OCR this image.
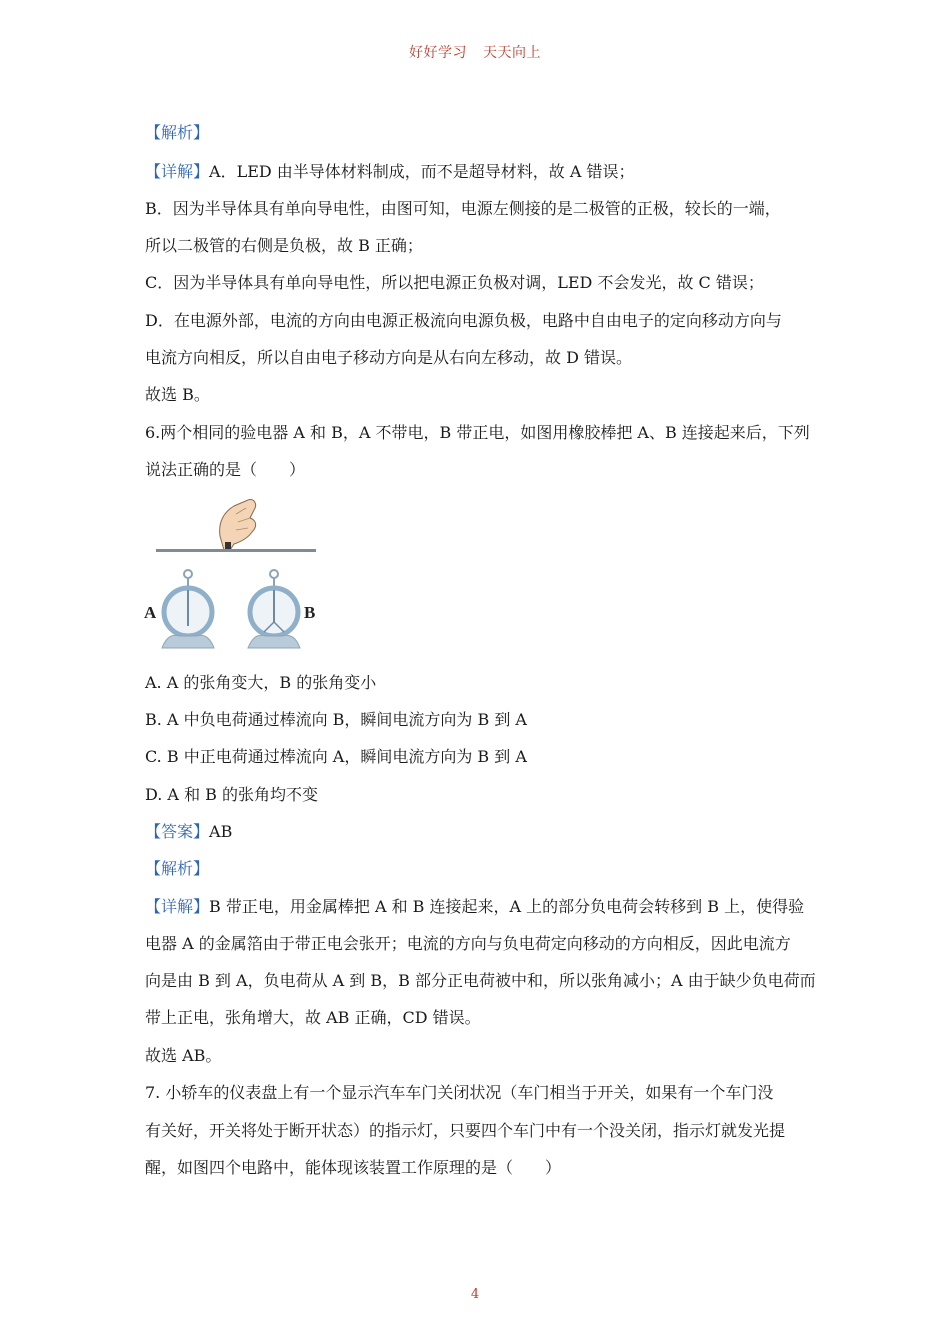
好好学习 天天向上
【解析】
【详解】A．LED 由半导体材料制成，而不是超导材料，故 A 错误；
B．因为半导体具有单向导电性，由图可知，电源左侧接的是二极管的正极，较长的一端，
所以二极管的右侧是负极，故 B 正确；
C．因为半导体具有单向导电性，所以把电源正负极对调，LED 不会发光，故 C 错误；
D．在电源外部，电流的方向由电源正极流向电源负极，电路中自由电子的定向移动方向与
电流方向相反，所以自由电子移动方向是从右向左移动，故 D 错误。
故选 B。
6.两个相同的验电器 A 和 B，A 不带电，B 带正电，如图用橡胶棒把 A、B 连接起来后，下列
说法正确的是（　　）
A	B
A. A 的张角变大，B 的张角变小
B. A 中负电荷通过棒流向 B，瞬间电流方向为 B 到 A
C. B 中正电荷通过棒流向 A，瞬间电流方向为 B 到 A
D. A 和 B 的张角均不变
【答案】AB
【解析】
【详解】B 带正电，用金属棒把 A 和 B 连接起来，A 上的部分负电荷会转移到 B 上，使得验
电器 A 的金属箔由于带正电会张开；电流的方向与负电荷定向移动的方向相反，因此电流方
向是由 B 到 A，负电荷从 A 到 B，B 部分正电荷被中和，所以张角减小；A 由于缺少负电荷而
带上正电，张角增大，故 AB 正确，CD 错误。
故选 AB。
7. 小轿车的仪表盘上有一个显示汽车车门关闭状况（车门相当于开关，如果有一个车门没
有关好，开关将处于断开状态）的指示灯，只要四个车门中有一个没关闭，指示灯就发光提
醒，如图四个电路中，能体现该装置工作原理的是（　　）
4
